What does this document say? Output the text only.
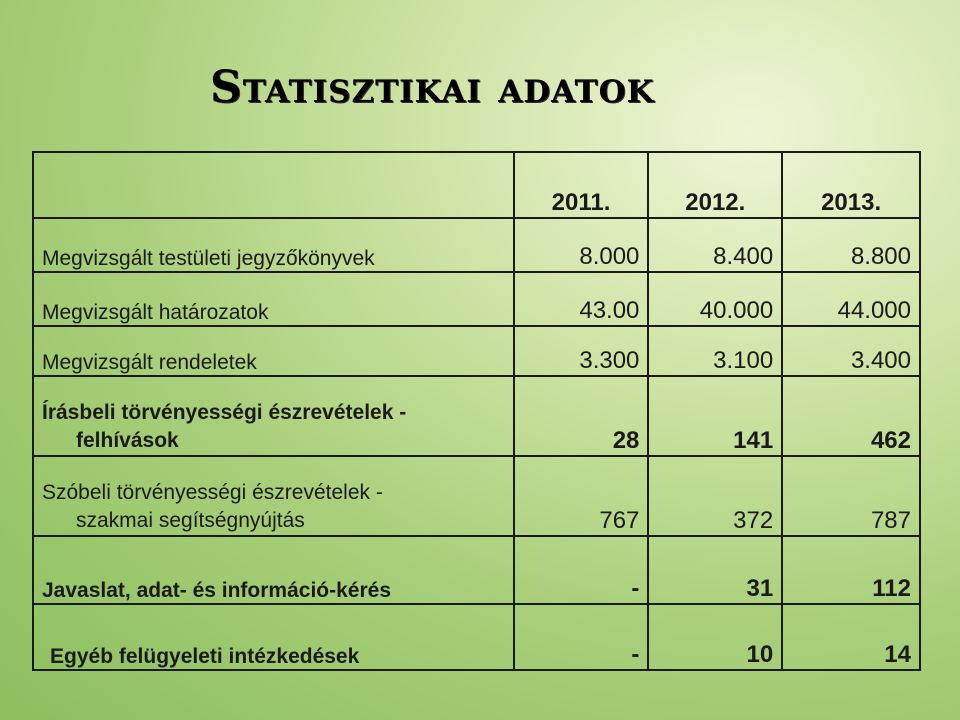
Statisztikai adatok
	2011.	2012.	2013.
Megvizsgált testületi jegyzőkönyvek	8.000	8.400	8.800
Megvizsgált határozatok	43.00	40.000	44.000
Megvizsgált rendeletek	3.300	3.100	3.400
Írásbeli törvényességi észrevételek -
felhívások	28	141	462
Szóbeli törvényességi észrevételek -
szakmai segítségnyújtás	767	372	787
Javaslat, adat- és információ-kérés	-	31	112
Egyéb felügyeleti intézkedések	-	10	14
